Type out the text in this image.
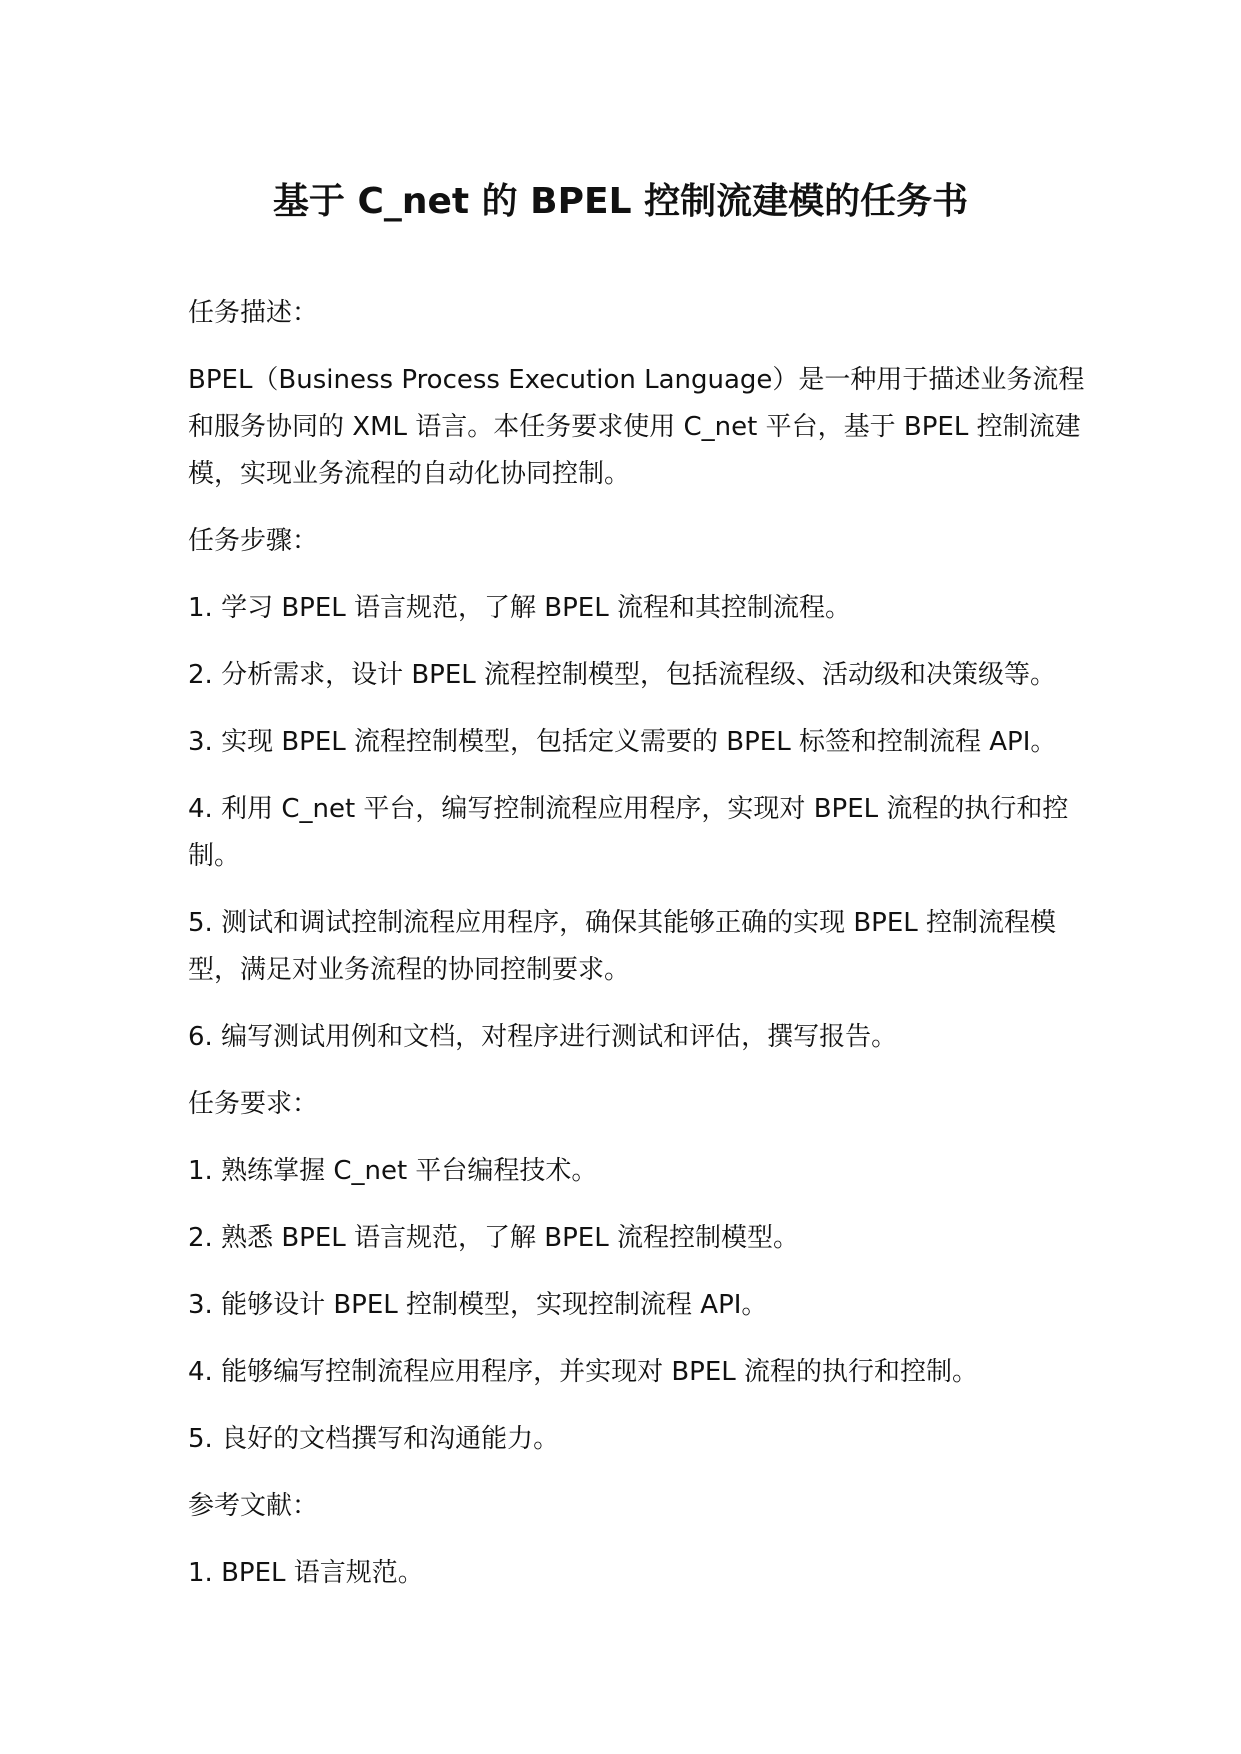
基于 C_net 的 BPEL 控制流建模的任务书

任务描述：

BPEL（Business Process Execution Language）是一种用于描述业务流程和服务协同的 XML 语言。本任务要求使用 C_net 平台，基于 BPEL 控制流建模，实现业务流程的自动化协同控制。

任务步骤：

1. 学习 BPEL 语言规范，了解 BPEL 流程和其控制流程。

2. 分析需求，设计 BPEL 流程控制模型，包括流程级、活动级和决策级等。

3. 实现 BPEL 流程控制模型，包括定义需要的 BPEL 标签和控制流程 API。

4. 利用 C_net 平台，编写控制流程应用程序，实现对 BPEL 流程的执行和控制。

5. 测试和调试控制流程应用程序，确保其能够正确的实现 BPEL 控制流程模型，满足对业务流程的协同控制要求。

6. 编写测试用例和文档，对程序进行测试和评估，撰写报告。

任务要求：

1. 熟练掌握 C_net 平台编程技术。

2. 熟悉 BPEL 语言规范，了解 BPEL 流程控制模型。

3. 能够设计 BPEL 控制模型，实现控制流程 API。

4. 能够编写控制流程应用程序，并实现对 BPEL 流程的执行和控制。

5. 良好的文档撰写和沟通能力。

参考文献：

1. BPEL 语言规范。
